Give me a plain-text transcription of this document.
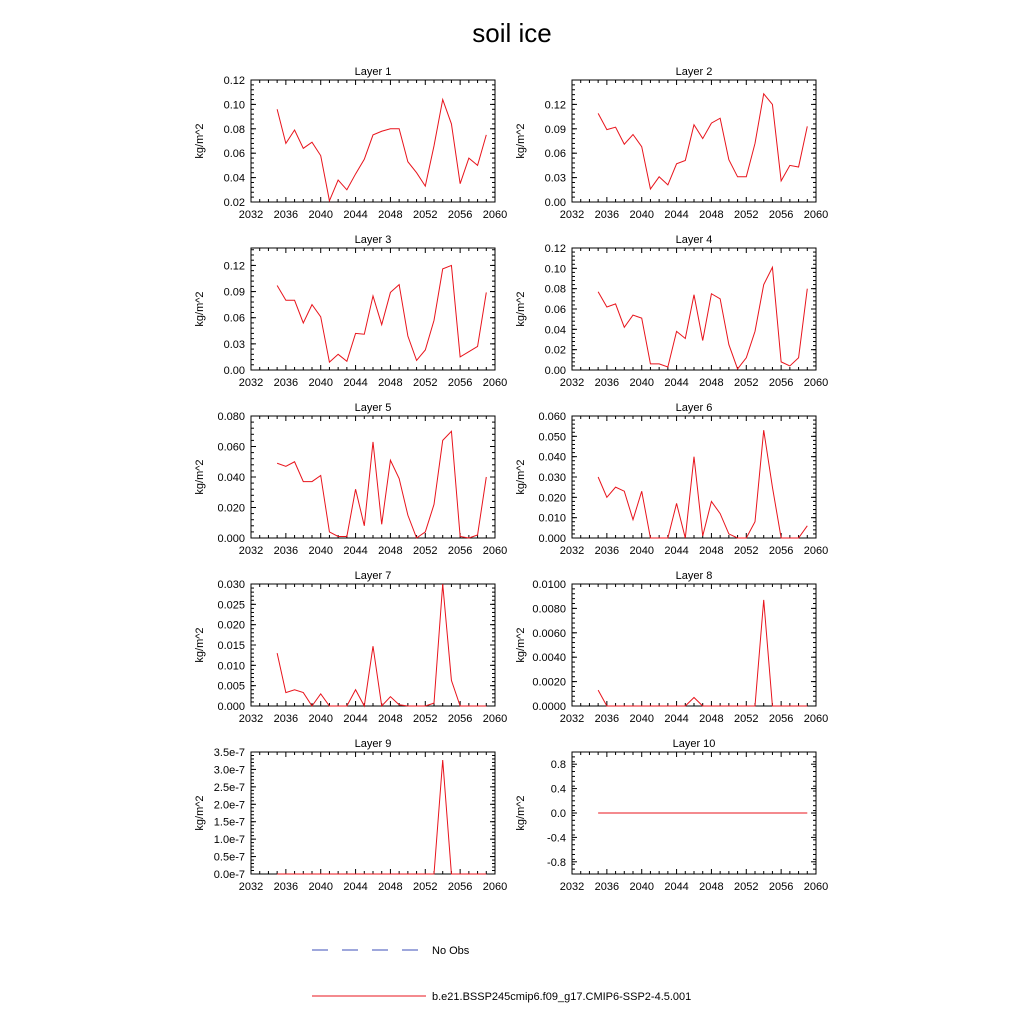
soil ice
Layer 1
kg/m^2
2032 2036 2040 2044 2048 2052 2056 2060
0.02
0.04
0.06
0.08
0.10
0.12
Layer 2
kg/m^2
2032 2036 2040 2044 2048 2052 2056 2060
0.00
0.03
0.06
0.09
0.12
Layer 3
kg/m^2
2032 2036 2040 2044 2048 2052 2056 2060
0.00
0.03
0.06
0.09
0.12
Layer 4
kg/m^2
2032 2036 2040 2044 2048 2052 2056 2060
0.00
0.02
0.04
0.06
0.08
0.10
0.12
Layer 5
kg/m^2
2032 2036 2040 2044 2048 2052 2056 2060
0.000
0.020
0.040
0.060
0.080
Layer 6
kg/m^2
2032 2036 2040 2044 2048 2052 2056 2060
0.000
0.010
0.020
0.030
0.040
0.050
0.060
Layer 7
kg/m^2
2032 2036 2040 2044 2048 2052 2056 2060
0.000
0.005
0.010
0.015
0.020
0.025
0.030
Layer 8
kg/m^2
2032 2036 2040 2044 2048 2052 2056 2060
0.0000
0.0020
0.0040
0.0060
0.0080
0.0100
Layer 9
kg/m^2
2032 2036 2040 2044 2048 2052 2056 2060
0.0e-7
0.5e-7
1.0e-7
1.5e-7
2.0e-7
2.5e-7
3.0e-7
3.5e-7
Layer 10
kg/m^2
2032 2036 2040 2044 2048 2052 2056 2060
-0.8
-0.4
0.0
0.4
0.8
No Obs
b.e21.BSSP245cmip6.f09_g17.CMIP6-SSP2-4.5.001
